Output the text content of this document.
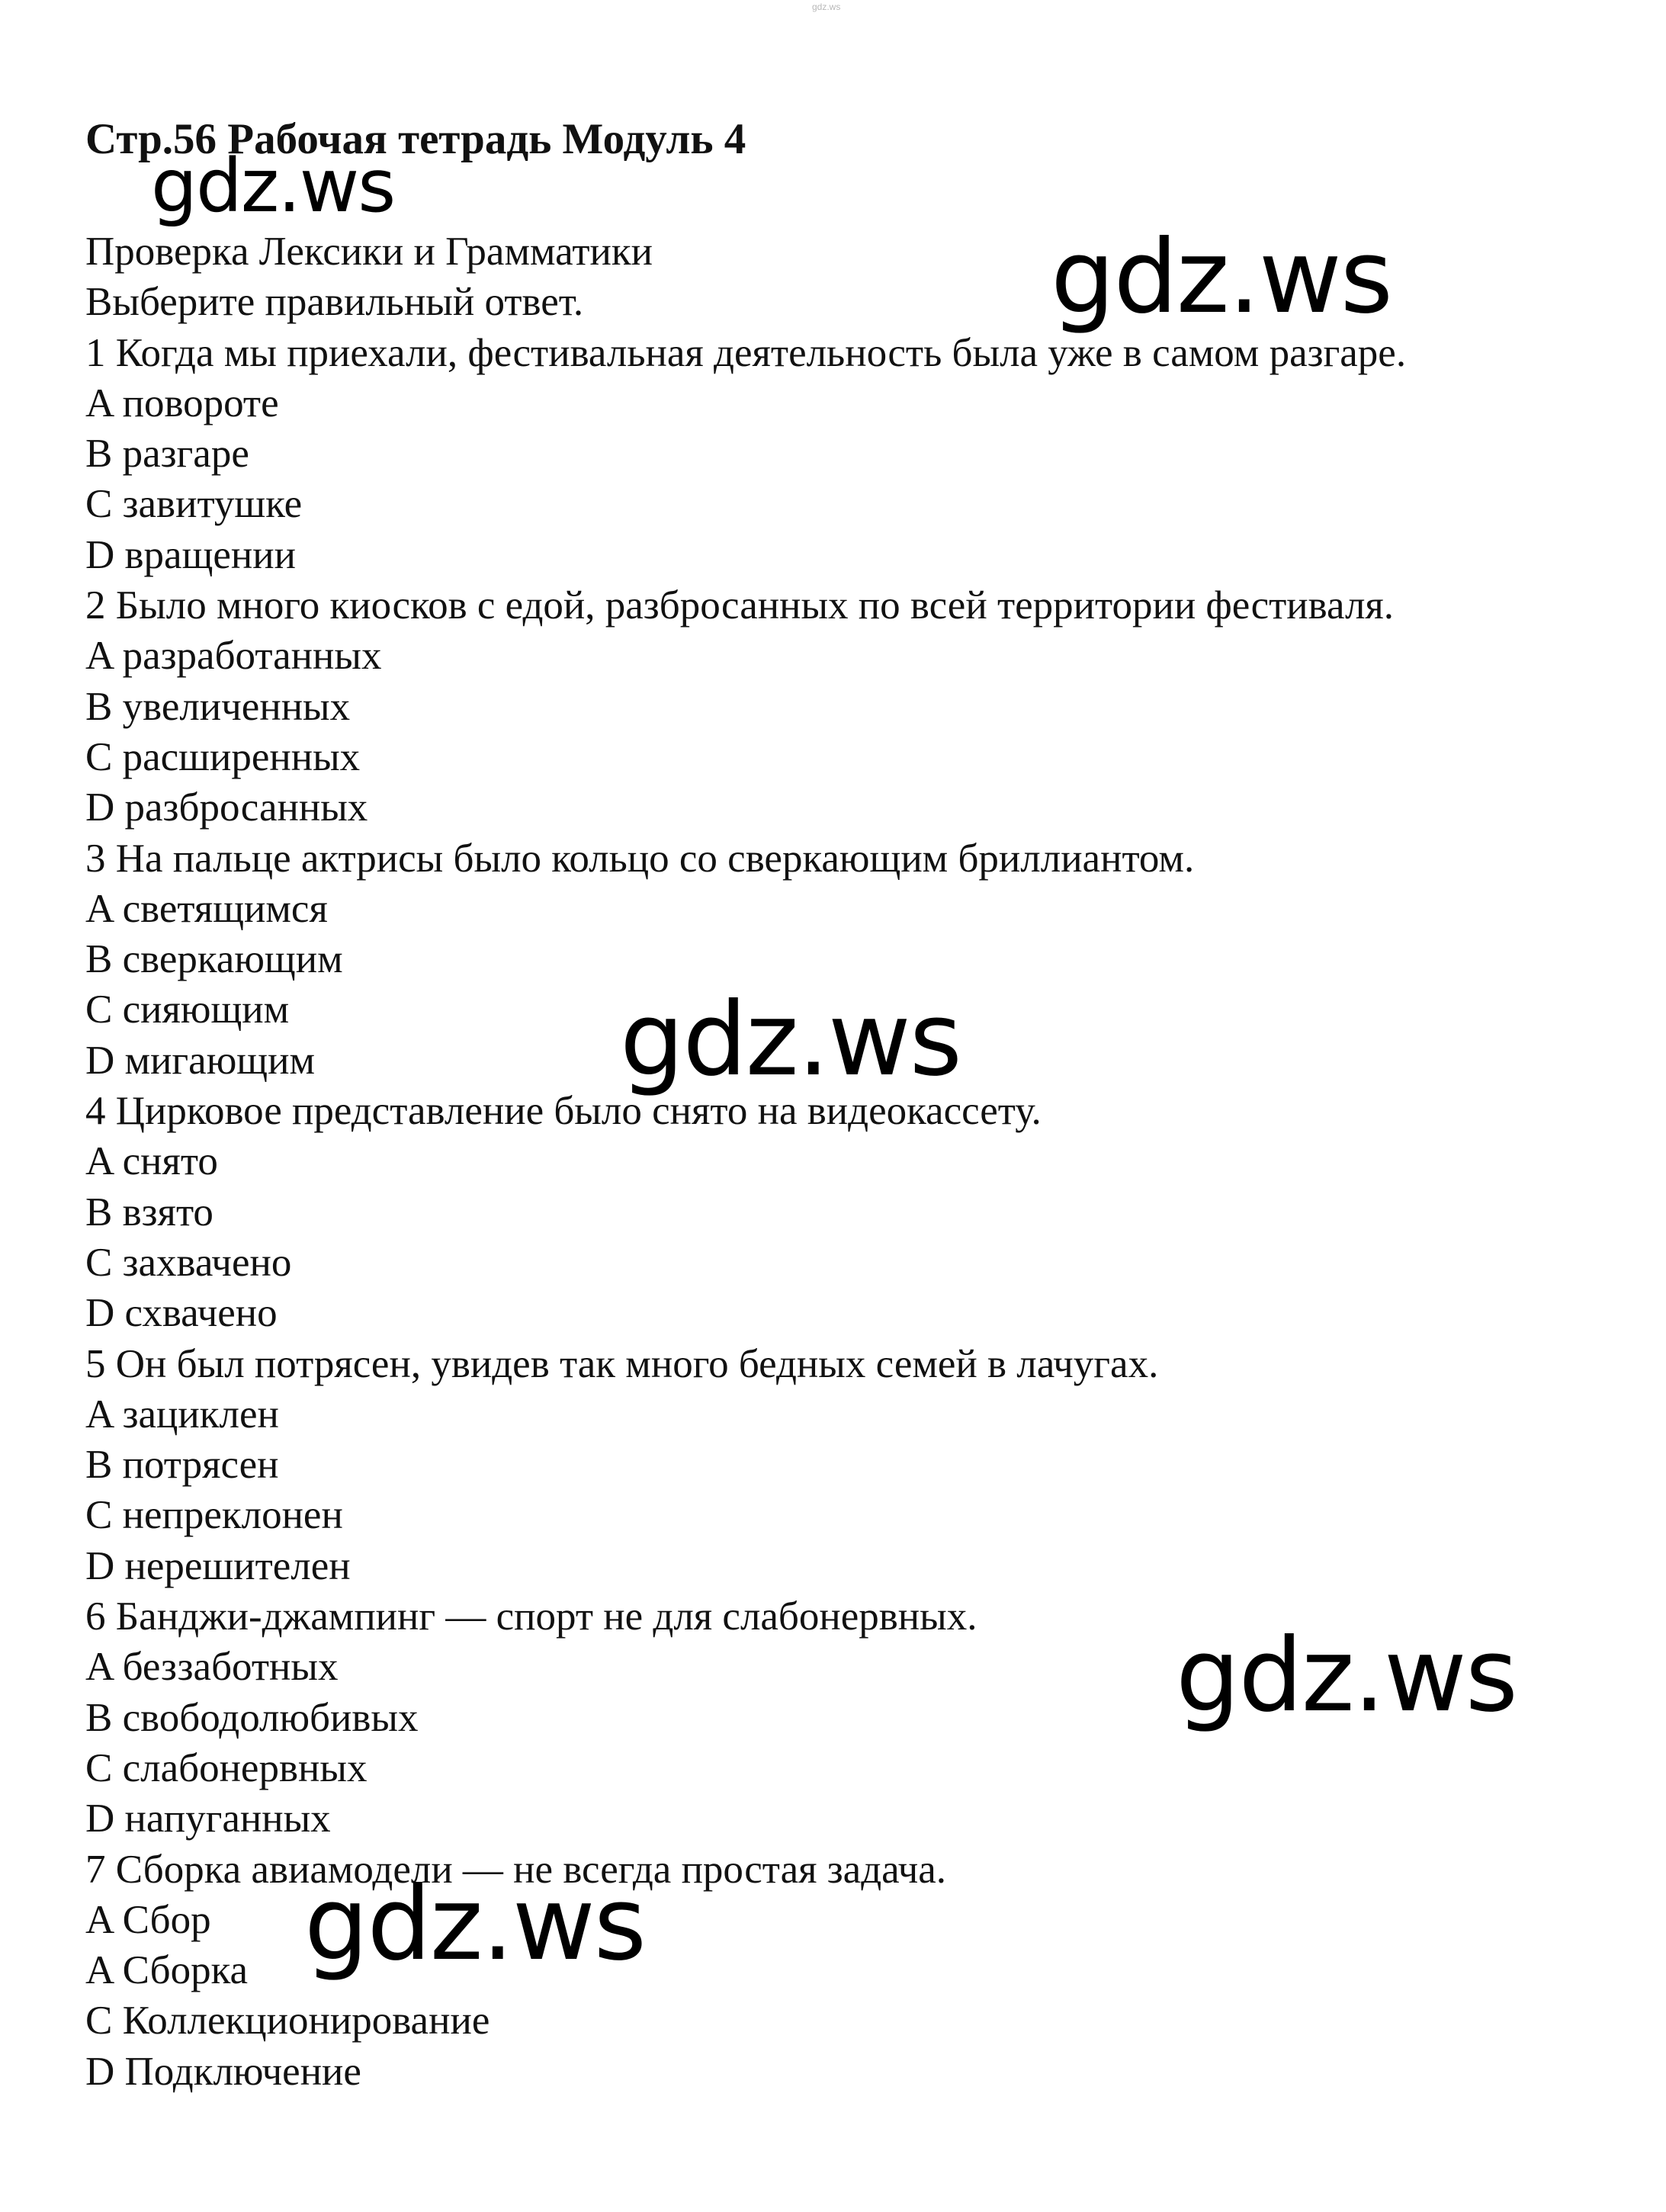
gdz.ws
Стр.56 Рабочая тетрадь Модуль 4
Проверка Лексики и Грамматики
Выберите правильный ответ.
1 Когда мы приехали, фестивальная деятельность была уже в самом разгаре.
A повороте
B разгаре
C завитушке
D вращении
2 Было много киосков с едой, разбросанных по всей территории фестиваля.
A разработанных
B увеличенных
C расширенных
D разбросанных
3 На пальце актрисы было кольцо со сверкающим бриллиантом.
A светящимся
B сверкающим
C сияющим
D мигающим
4 Цирковое представление было снято на видеокассету.
A снято
B взято
C захвачено
D схвачено
5 Он был потрясен, увидев так много бедных семей в лачугах.
A зациклен
B потрясен
C непреклонен
D нерешителен
6 Банджи-джампинг — спорт не для слабонервных.
A беззаботных
B свободолюбивых
C слабонервных
D напуганных
7 Сборка авиамодели — не всегда простая задача.
A Сбор
A Сборка
C Коллекционирование
D Подключение
gdz.ws
gdz.ws
gdz.ws
gdz.ws
gdz.ws
